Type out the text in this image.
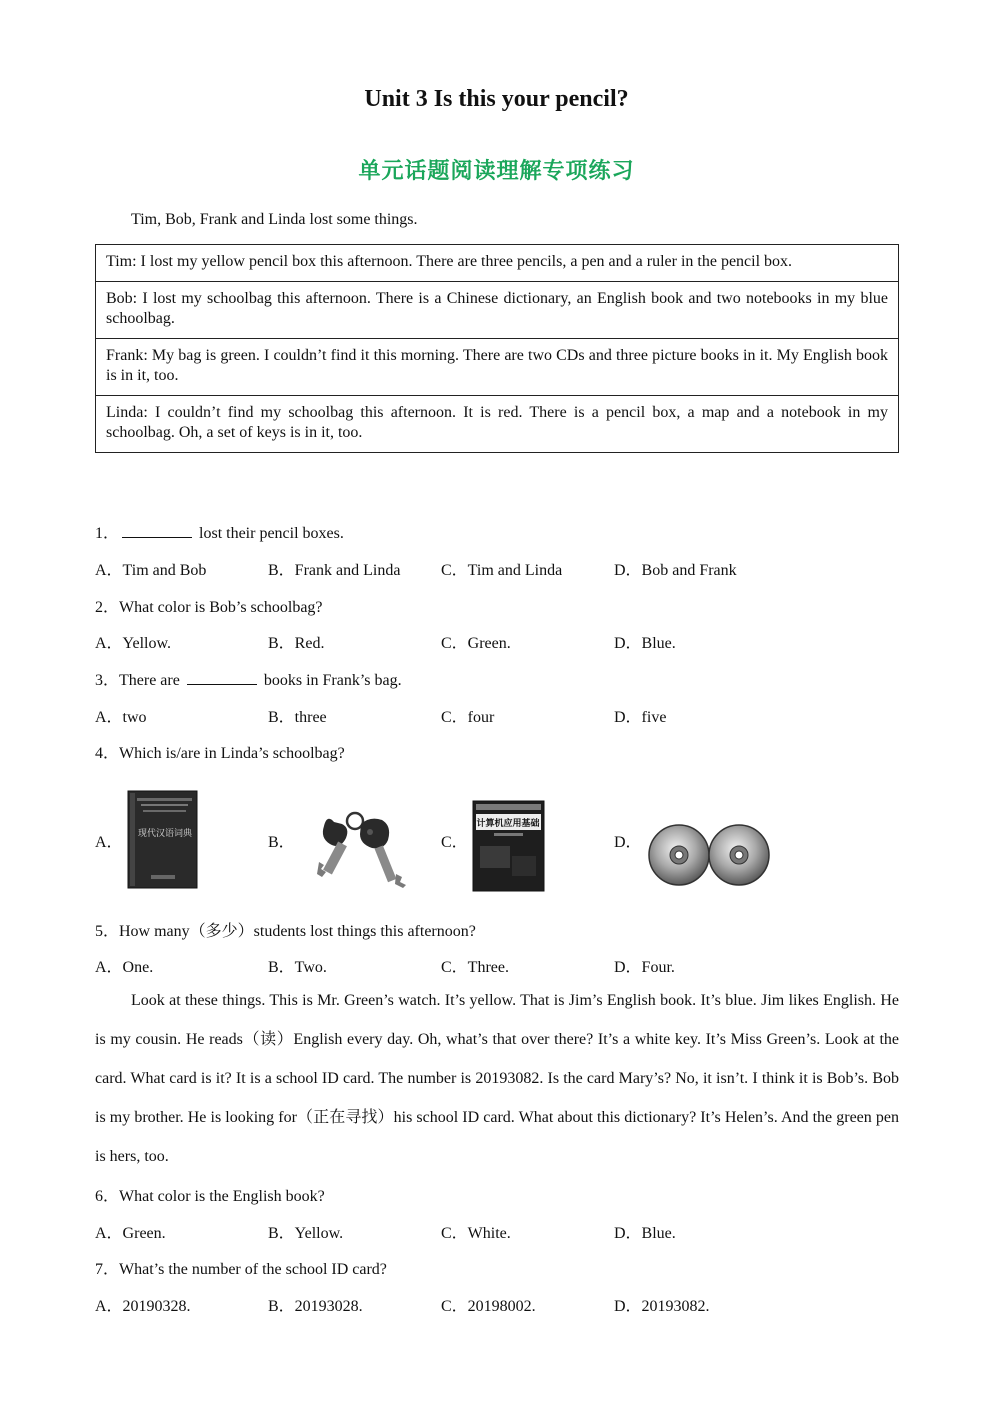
Unit 3 Is this your pencil?
单元话题阅读理解专项练习
Tim, Bob, Frank and Linda lost some things.
Tim: I lost my yellow pencil box this afternoon. There are three pencils, a pen and a ruler in the pencil box.
Bob: I lost my schoolbag this afternoon. There is a Chinese dictionary, an English book and two notebooks in my blue schoolbag.
Frank: My bag is green. I couldn’t find it this morning. There are two CDs and three picture books in it. My English book is in it, too.
Linda: I couldn’t find my schoolbag this afternoon. It is red. There is a pencil box, a map and a notebook in my schoolbag. Oh, a set of keys is in it, too.
1．	lost their pencil boxes.
A．Tim and Bob	B．Frank and Linda	C．Tim and Linda	D．Bob and Frank
2．What color is Bob’s schoolbag?
A．Yellow.	B．Red.	C．Green.	D．Blue.
3．There are	books in Frank’s bag.
A．two	B．three	C．four	D．five
4．Which is/are in Linda’s schoolbag?
A．	B．	C．	D．
现代汉语词典
计算机应用基础
5．How many（多少）students lost things this afternoon?
A．One.	B．Two.	C．Three.	D．Four.
Look at these things. This is Mr. Green’s watch. It’s yellow. That is Jim’s English book. It’s blue. Jim likes English. He is my cousin. He reads（读）English every day. Oh, what’s that over there? It’s a white key. It’s Miss Green’s. Look at the card. What card is it? It is a school ID card. The number is 20193082. Is the card Mary’s? No, it isn’t. I think it is Bob’s. Bob is my brother. He is looking for（正在寻找）his school ID card. What about this dictionary? It’s Helen’s. And the green pen is hers, too.
6．What color is the English book?
A．Green.	B．Yellow.	C．White.	D．Blue.
7．What’s the number of the school ID card?
A．20190328.	B．20193028.	C．20198002.	D．20193082.
